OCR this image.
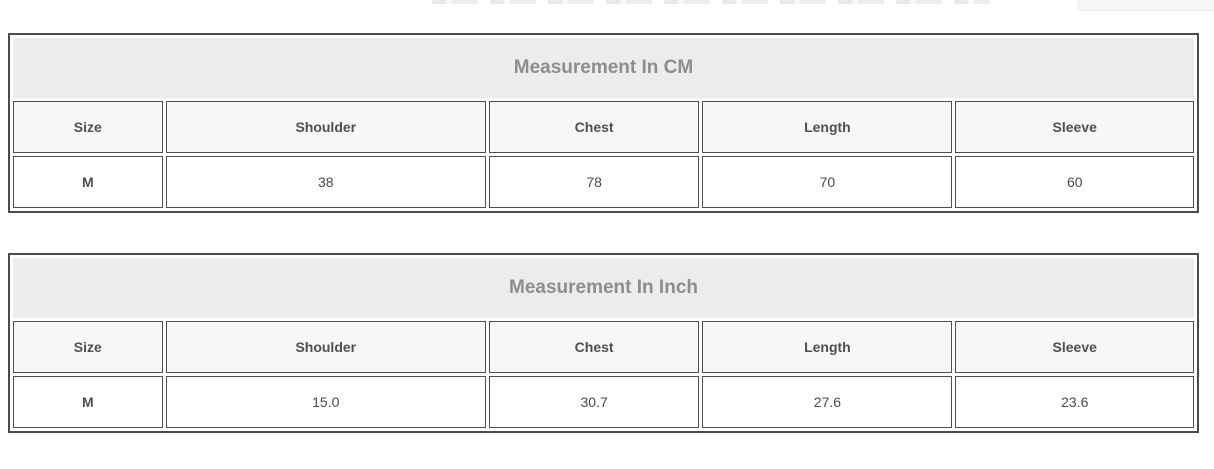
Measurement In CM				
Size	Shoulder	Chest	Length	Sleeve
M	38	78	70	60
Measurement In Inch				
Size	Shoulder	Chest	Length	Sleeve
M	15.0	30.7	27.6	23.6
